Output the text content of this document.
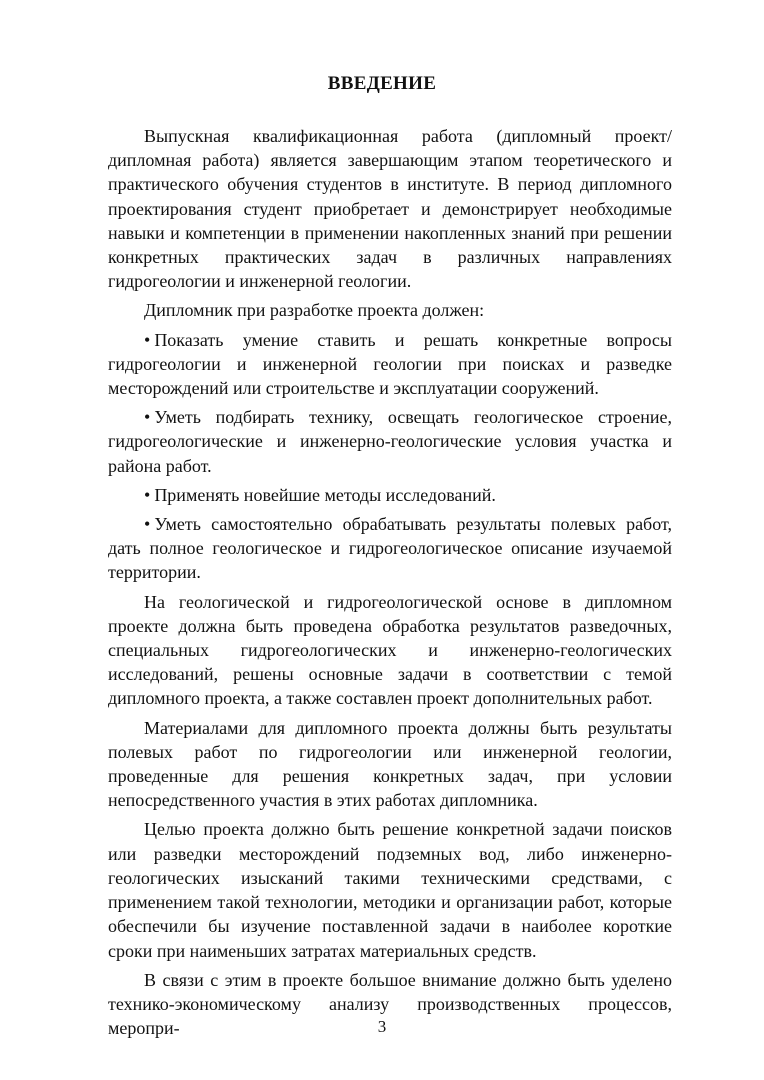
ВВЕДЕНИЕ

Выпускная квалификационная работа (дипломный проект/дипломная работа) является завершающим этапом теоретического и практического обучения студентов в институте. В период дипломного проектирования студент приобретает и демонстрирует необходимые навыки и компетенции в применении накопленных знаний при решении конкретных практических задач в различных направлениях гидрогеологии и инженерной геологии.

Дипломник при разработке проекта должен:

• Показать умение ставить и решать конкретные вопросы гидрогеологии и инженерной геологии при поисках и разведке месторождений или строительстве и эксплуатации сооружений.

• Уметь подбирать технику, освещать геологическое строение, гидрогеологические и инженерно-геологические условия участка и района работ.

• Применять новейшие методы исследований.

• Уметь самостоятельно обрабатывать результаты полевых работ, дать полное геологическое и гидрогеологическое описание изучаемой территории.

На геологической и гидрогеологической основе в дипломном проекте должна быть проведена обработка результатов разведочных, специальных гидрогеологических и инженерно-геологических исследований, решены основные задачи в соответствии с темой дипломного проекта, а также составлен проект дополнительных работ.

Материалами для дипломного проекта должны быть результаты полевых работ по гидрогеологии или инженерной геологии, проведенные для решения конкретных задач, при условии непосредственного участия в этих работах дипломника.

Целью проекта должно быть решение конкретной задачи поисков или разведки месторождений подземных вод, либо инженерно-геологических изысканий такими техническими средствами, с применением такой технологии, методики и организации работ, которые обеспечили бы изучение поставленной задачи в наиболее короткие сроки при наименьших затратах материальных средств.

В связи с этим в проекте большое внимание должно быть уделено технико-экономическому анализу производственных процессов, меропри-	3
